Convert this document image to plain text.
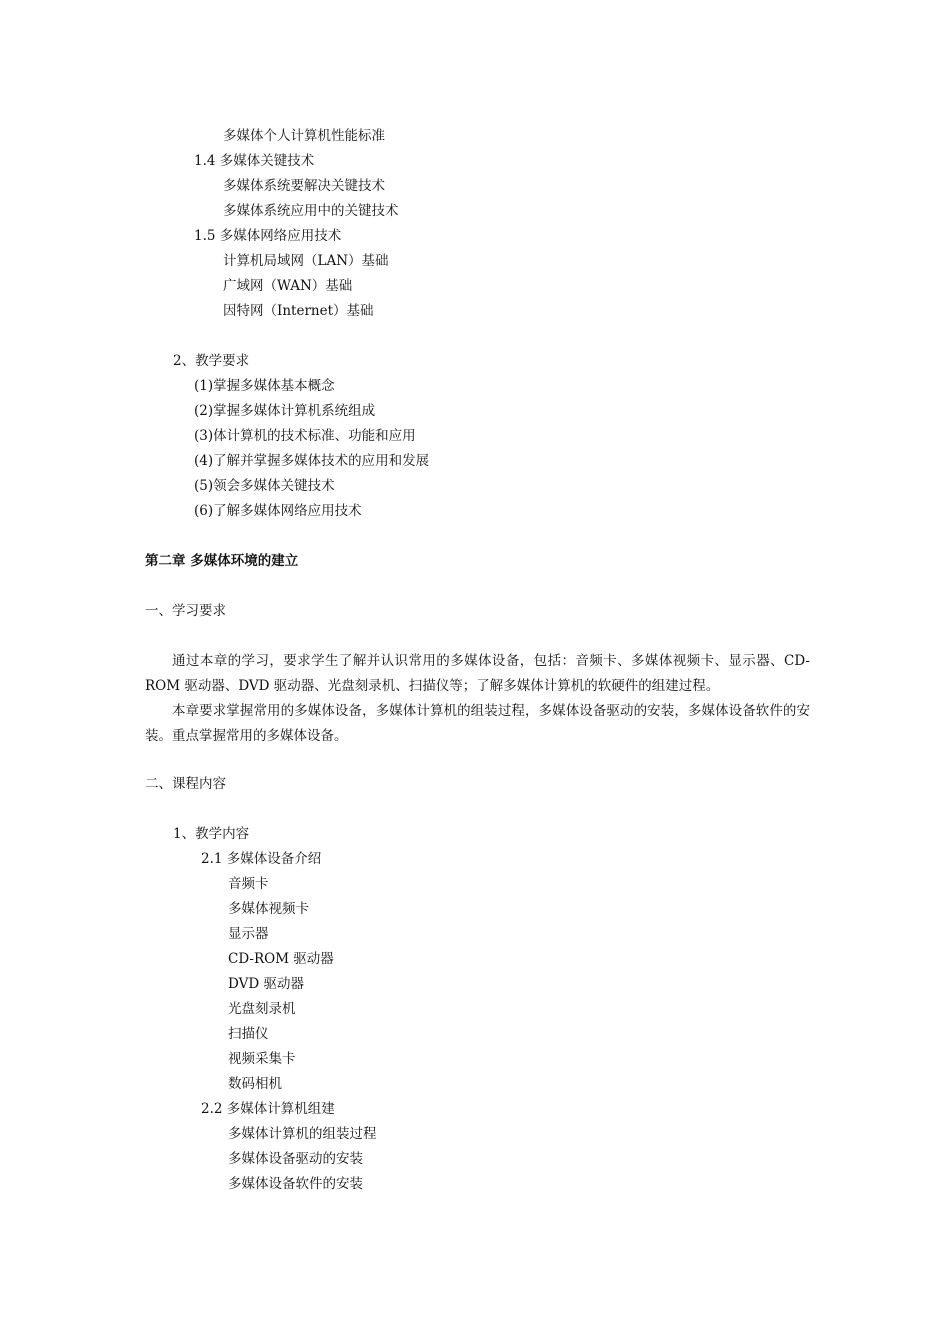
多媒体个人计算机性能标准
1.4 多媒体关键技术
多媒体系统要解决关键技术
多媒体系统应用中的关键技术
1.5 多媒体网络应用技术
计算机局域网（LAN）基础
广域网（WAN）基础
因特网（Internet）基础
2、教学要求
(1)掌握多媒体基本概念
(2)掌握多媒体计算机系统组成
(3)体计算机的技术标准、功能和应用
(4)了解并掌握多媒体技术的应用和发展
(5)领会多媒体关键技术
(6)了解多媒体网络应用技术
第二章 多媒体环境的建立
一、学习要求
通过本章的学习，要求学生了解并认识常用的多媒体设备，包括：音频卡、多媒体视频卡、显示器、CD-ROM 驱动器、DVD 驱动器、光盘刻录机、扫描仪等；了解多媒体计算机的软硬件的组建过程。
本章要求掌握常用的多媒体设备，多媒体计算机的组装过程，多媒体设备驱动的安装，多媒体设备软件的安装。重点掌握常用的多媒体设备。
二、课程内容
1、教学内容
2.1 多媒体设备介绍
音频卡
多媒体视频卡
显示器
CD-ROM 驱动器
DVD 驱动器
光盘刻录机
扫描仪
视频采集卡
数码相机
2.2 多媒体计算机组建
多媒体计算机的组装过程
多媒体设备驱动的安装
多媒体设备软件的安装
